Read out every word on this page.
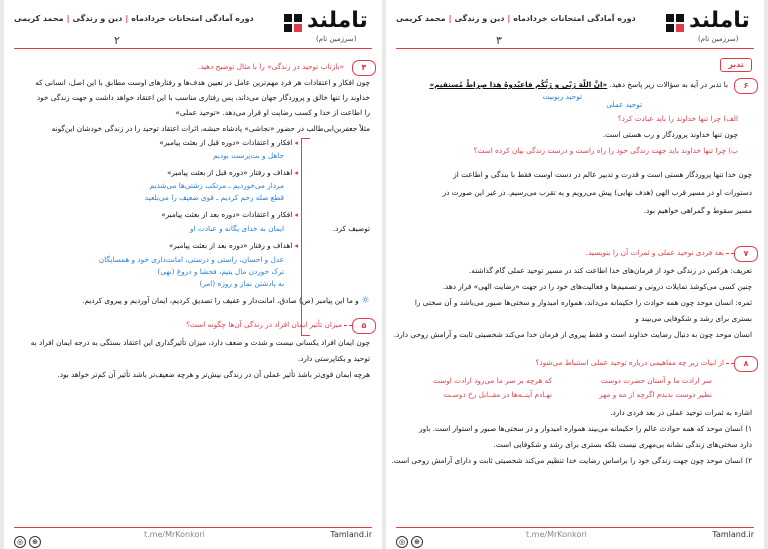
تاملند
(سرزمین تام)
دوره آمادگی امتحانات خردادماه|دین و زندگی|محمد کریمی
۲
۴
«بازتاب توحید در زندگی» را با مثال توضیح دهید.
چون افکار و اعتقادات هر فرد مهم‌ترین عامل در تعیین هدف‌ها و رفتارهای اوست مطابق با این اصل، انسانی که
خداوند را تنها خالق و پروردگار جهان می‌داند، پس رفتاری مناسب با این اعتقاد خواهد داشت و جهت زندگی خود
را اطاعت از خدا و کسب رضایت او قرار می‌دهد. «توحید عملی»
مثلاً جعفربن‌ابی‌طالب در حضور «نجاشی» پادشاه حبشه، اثرات اعتقاد توحید را در زندگی خودشان این‌گونه
توصیف کرد.
◂افکار و اعتقادات «دوره قبل از بعثت پیامبر»
جاهل و بت‌پرست بودیم
◂اهداف و رفتار «دوره قبل از بعثت پیامبر»
مردار می‌خوردیم ـ مرتکب زشتی‌ها می‌شدیم
قطع صله رحم کردیم ـ قوی ضعیف را می‌بلعید
◂افکار و اعتقادات «دوره بعد از بعثت پیامبر»
ایمان به خدای یگانه و عبادت او
◂اهداف و رفتار «دوره بعد از بعثت پیامبر»
عدل و احسان، راستی و درستی، امانت‌داری خود و همسایگان
ترک خوردن مال یتیم، فحشا و دروغ (نهی)
به پادشتن نماز و روزه (امر)
☼ و ما این پیامبر (ص) صادق، امانت‌دار و عفیف را تصدیق کردیم، ایمان آوردیم و پیروی کردیم.
۵
میزان تأثیر ایمان افراد در زندگی آن‌ها چگونه است؟
چون ایمان افراد یکسانی نیست و شدت و ضعف دارد، میزان تأثیرگذاری این اعتقاد بستگی به درجه ایمان افراد به
توحید و یکتاپرستی دارد.
هرچه ایمان قوی‌تر باشد تأثیر عملی آن در زندگی بیش‌تر و هرچه ضعیف‌تر باشد تأثیر آن کم‌تر خواهد بود.
◎ ⊕
t.me/MrKonkori	Tamland.ir
تاملند
(سرزمین تام)
دوره آمادگی امتحانات خردادماه|دین و زندگی|محمد کریمی
۳
تدبر
۶
با تدبر در آیه به سؤالات زیر پاسخ دهید. «اِنَّ اللّهَ رَبّی و رَبُّکُم فاعبُدوهُ هذا صِراطٌ مُستقیم»
توحید ربوبیت
توحید عملی
الف) چرا تنها خداوند را باید عبادت کرد؟
چون تنها خداوند پروردگار و رب هستی است.
ب) چرا تنها خداوند باید جهت زندگی خود را راه راست و درست زندگی بیان کرده است؟
چون خدا تنها پروردگار هستی است و قدرت و تدبیر عالم در دست اوست فقط با بندگی و اطاعت از
دستورات او در مسیر قرب الهی (هدف نهایی) پیش می‌رویم و به تقرب می‌رسیم. در غیر این صورت در
مسیر سقوط و گمراهی خواهیم بود.
۷
بعد فردی توحید عملی و ثمرات آن را بنویسید.
تعریف: هرکس در زندگی خود از فرمان‌های خدا اطاعت کند در مسیر توحید عملی گام گذاشته.
چنین کسی می‌کوشد تمایلات درونی و تصمیم‌ها و فعالیت‌های خود را در جهت «رضایت الهی» قرار دهد.
ثمره: انسان موحد چون همه حوادث را حکیمانه می‌داند، همواره امیدوار و سختی‌ها صبور می‌باشد و آن سختی را
بستری برای رشد و شکوفایی می‌بیند و
انسان موحد چون به دنبال رضایت خداوند است و فقط پیروی از فرمان خدا می‌کند شخصیتی ثابت و آرامش روحی دارد.
۸
از ابیات زیر چه مفاهیمی درباره توحید عملی استنباط می‌شود؟
سر ارادت ما و آستان حضرت دوست
که هرچه بر سر ما می‌رود ارادت اوست
نظیر دوست ندیدم اگرچه از مه و مهر
نهـادم آینــه‌ها در مقــابل رخ دوسـت
اشاره به ثمرات توحید عملی در بعد فردی دارد.
۱) انسان موحد که همه حوادث عالم را حکیمانه می‌بیند همواره امیدوار و در سختی‌ها صبور و استوار است. باور
دارد سختی‌های زندگی نشانه بی‌مهری نیست بلکه بستری برای رشد و شکوفایی است.
۲) انسان موحد چون جهت زندگی خود را براساس رضایت خدا تنظیم می‌کند شخصیتی ثابت و دارای آرامش روحی است.
◎ ⊕
t.me/MrKonkori	Tamland.ir
